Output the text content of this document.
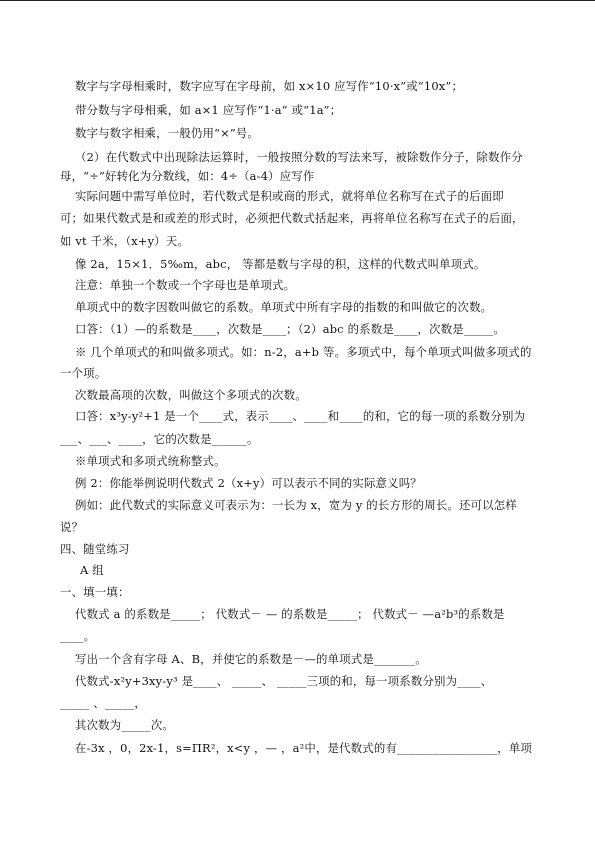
数字与字母相乘时，数字应写在字母前，如 x×10 应写作“10·x”或“10x”；
带分数与字母相乘，如 a×1 应写作“1·a” 或“1a”；
数字与数字相乘，一般仍用“×”号。
（2）在代数式中出现除法运算时，一般按照分数的写法来写，被除数作分子，除数作分
母，“÷”好转化为分数线，如：4÷（a-4）应写作
实际问题中需写单位时，若代数式是积或商的形式，就将单位名称写在式子的后面即
可；如果代数式是和或差的形式时，必须把代数式括起来，再将单位名称写在式子的后面，
如 vt 千米，（x+y）天。
像 2a，15×1．5‰m，abc， 等都是数与字母的积，这样的代数式叫单项式。
注意：单独一个数或一个字母也是单项式。
单项式中的数字因数叫做它的系数。单项式中所有字母的指数的和叫做它的次数。
口答：（1）—的系数是____，次数是____；（2）abc 的系数是____，次数是_____。
※ 几个单项式的和叫做多项式。如：n-2，a+b 等。多项式中，每个单项式叫做多项式的
一个项。
次数最高项的次数，叫做这个多项式的次数。
口答：x³y-y²+1 是一个____式，表示____、____和____的和，它的每一项的系数分别为
___、___、____，它的次数是______。
※单项式和多项式统称整式。
例 2：你能举例说明代数式 2（x+y）可以表示不同的实际意义吗？
例如：此代数式的实际意义可表示为：一长为 x，宽为 y 的长方形的周长。还可以怎样
说？
四、随堂练习
A 组
一、填一填：
代数式 a 的系数是_____； 代数式－ — 的系数是_____； 代数式－ —a²b³的系数是
____。
写出一个含有字母 A、B，并使它的系数是－—的单项式是_______。
代数式-x²y+3xy-y³ 是____、 _____、 _____三项的和，每一项系数分别为____、
_____ 、_____，
其次数为_____次。
在-3x ，0，2x-1，s=ΠR²，x<y ，— ，a²中，是代数式的有_________________，单项
